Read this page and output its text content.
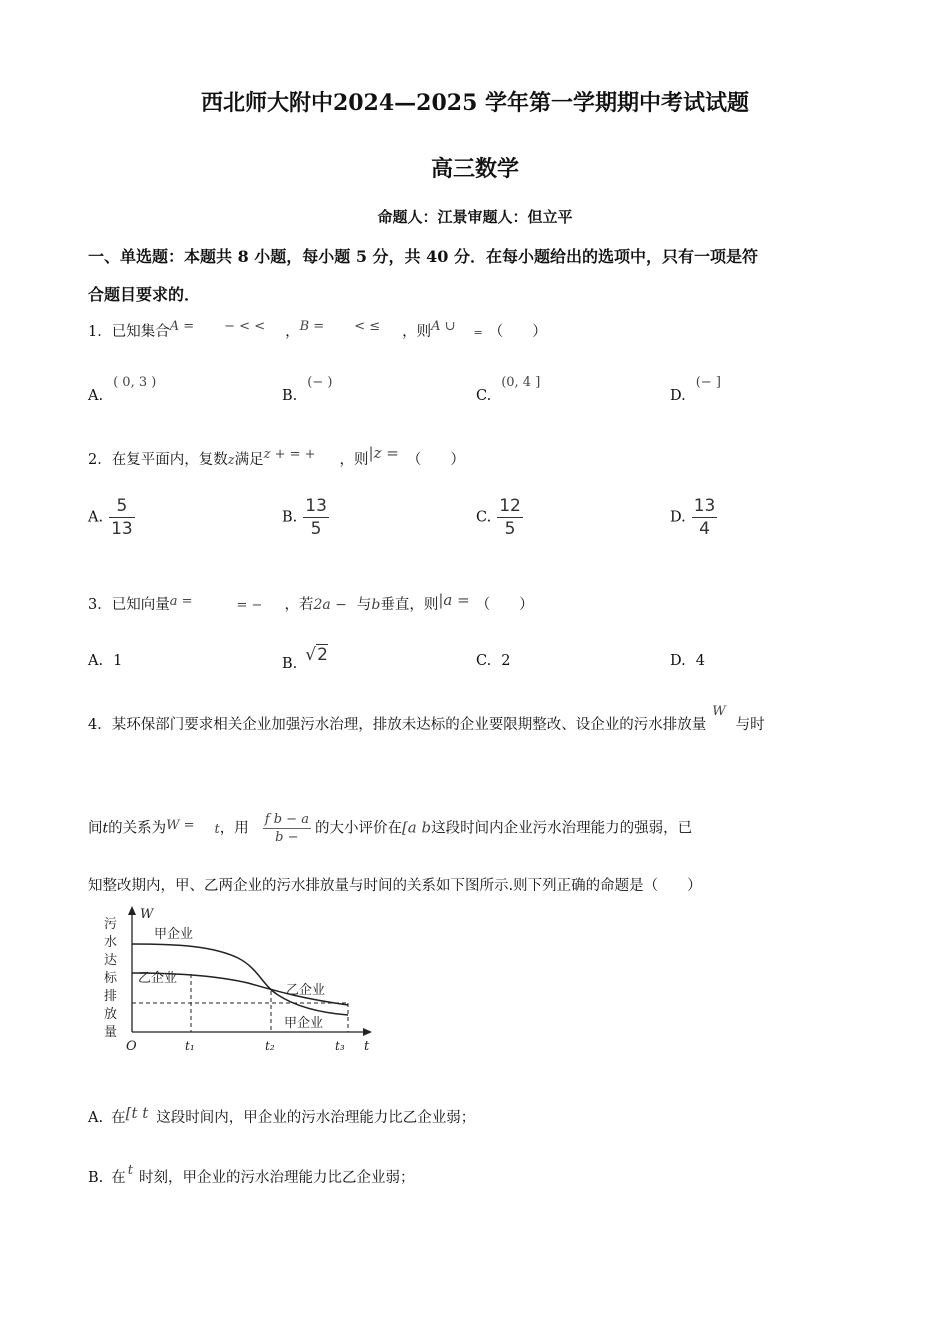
西北师大附中2024—2025 学年第一学期期中考试试题
高三数学
命题人：江景审题人：但立平
一、单选题：本题共 8 小题，每小题 5 分，共 40 分．在每小题给出的选项中，只有一项是符
合题目要求的．
1．已知集合A = − < < ，B = < ≤ ，则A ∪ = （　　）
A.( 0, 3 )
B.(− )
C.(0, 4 ]
D.(− ]
2．在复平面内，复数z满足z + = + ，则|z = （　　）
A. $\frac{5}{13}$	B. $\frac{13}{5}$	C. $\frac{12}{5}$	D. $\frac{13}{4}$
3．已知向量a =	= − ，若2a − 与b垂直，则|a = （　　）
A. 1	B. √2	C. 2	D. 4
4．某环保部门要求相关企业加强污水治理，排放未达标的企业要限期整改、设企业的污水排放量W与时
间t的关系为W = t，用 $\frac{\text{f b − a}}{b -}$ 的大小评价在[a b这段时间内企业污水治理能力的强弱，已
知整改期内，甲、乙两企业的污水排放量与时间的关系如下图所示.则下列正确的命题是（　　）
污
水
达
标
排
放
量
W
O	t
甲企业
乙企业
乙企业
甲企业
t₁	t₂	t₃
A. 在[t t 这段时间内，甲企业的污水治理能力比乙企业弱；
B. 在 t 时刻，甲企业的污水治理能力比乙企业弱；
